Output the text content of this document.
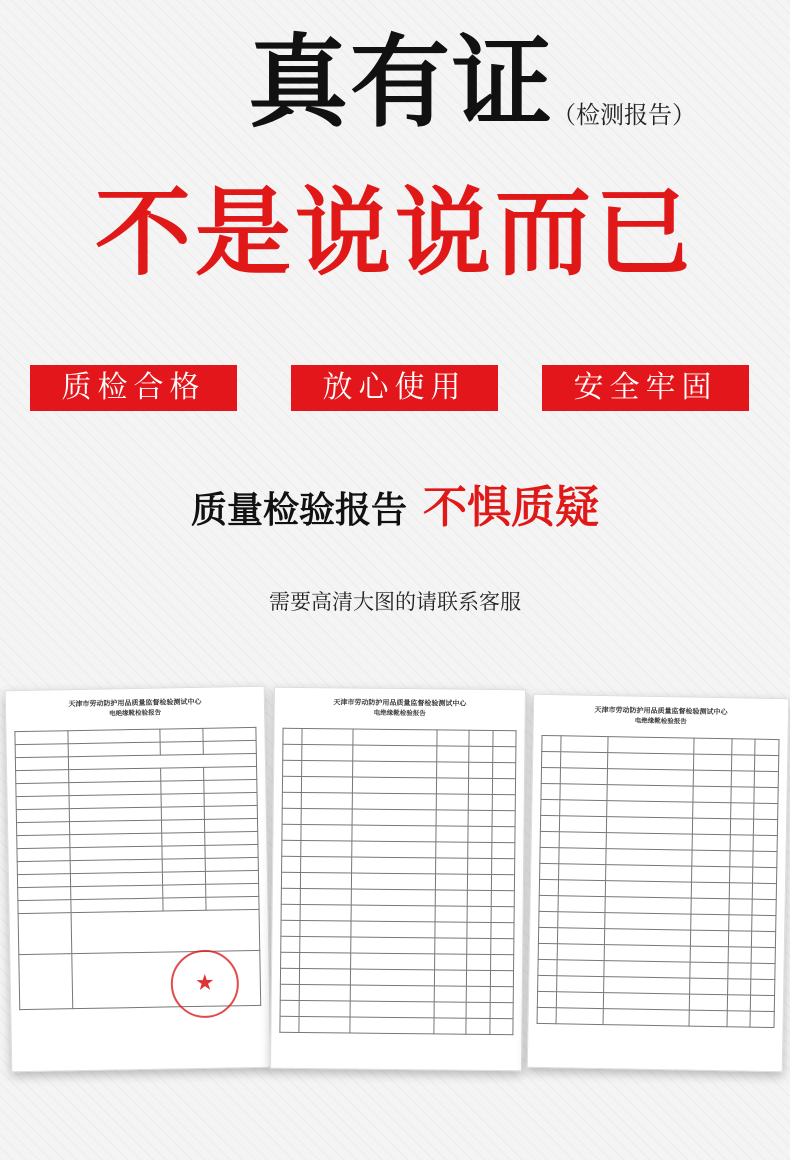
真有证
（检测报告）
不是说说而已
质检合格	放心使用	安全牢固
质量检验报告 不惧质疑
需要高清大图的请联系客服
天津市劳动防护用品质量监督检验测试中心
电绝缘靴检验报告

★

天津市劳动防护用品质量监督检验测试中心
电绝缘靴检验报告

						天津市劳动防护用品质量监督检验测试中心
电绝缘靴检验报告
